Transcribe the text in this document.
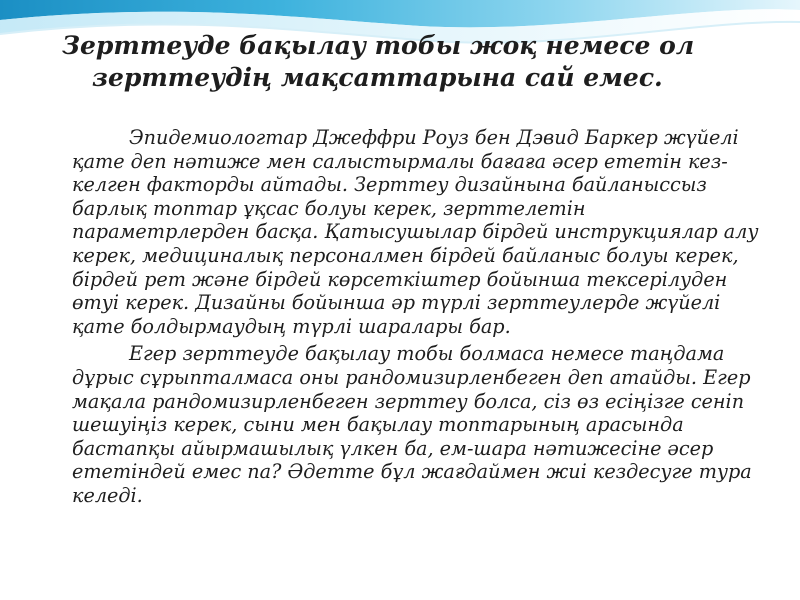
Зерттеуде бақылау тобы жоқ немесе ол зерттеудің мақсаттарына сай емес.

Эпидемиологтар Джеффри Роуз бен Дэвид Баркер жүйелі қате деп нәтиже мен салыстырмалы бағаға әсер ететін кез-келген факторды айтады. Зерттеу дизайнына байланыссыз барлық топтар ұқсас болуы керек, зерттелетін параметрлерден басқа. Қатысушылар бірдей инструкциялар алу керек, медициналық персоналмен бірдей байланыс болуы керек, бірдей рет және бірдей көрсеткіштер бойынша тексерілуден өтуі керек. Дизайны бойынша әр түрлі зерттеулерде жүйелі қате болдырмаудың түрлі шаралары бар.

Егер зерттеуде бақылау тобы болмаса немесе таңдама дұрыс сұрыпталмаса оны рандомизирленбеген деп атайды. Егер мақала рандомизирленбеген зерттеу болса, сіз өз есіңізге сеніп шешуіңіз керек, сыни мен бақылау топтарының арасында бастапқы айырмашылық үлкен ба, ем-шара нәтижесіне әсер ететіндей емес па? Әдетте бұл жағдаймен жиі кездесуге тура келеді.
